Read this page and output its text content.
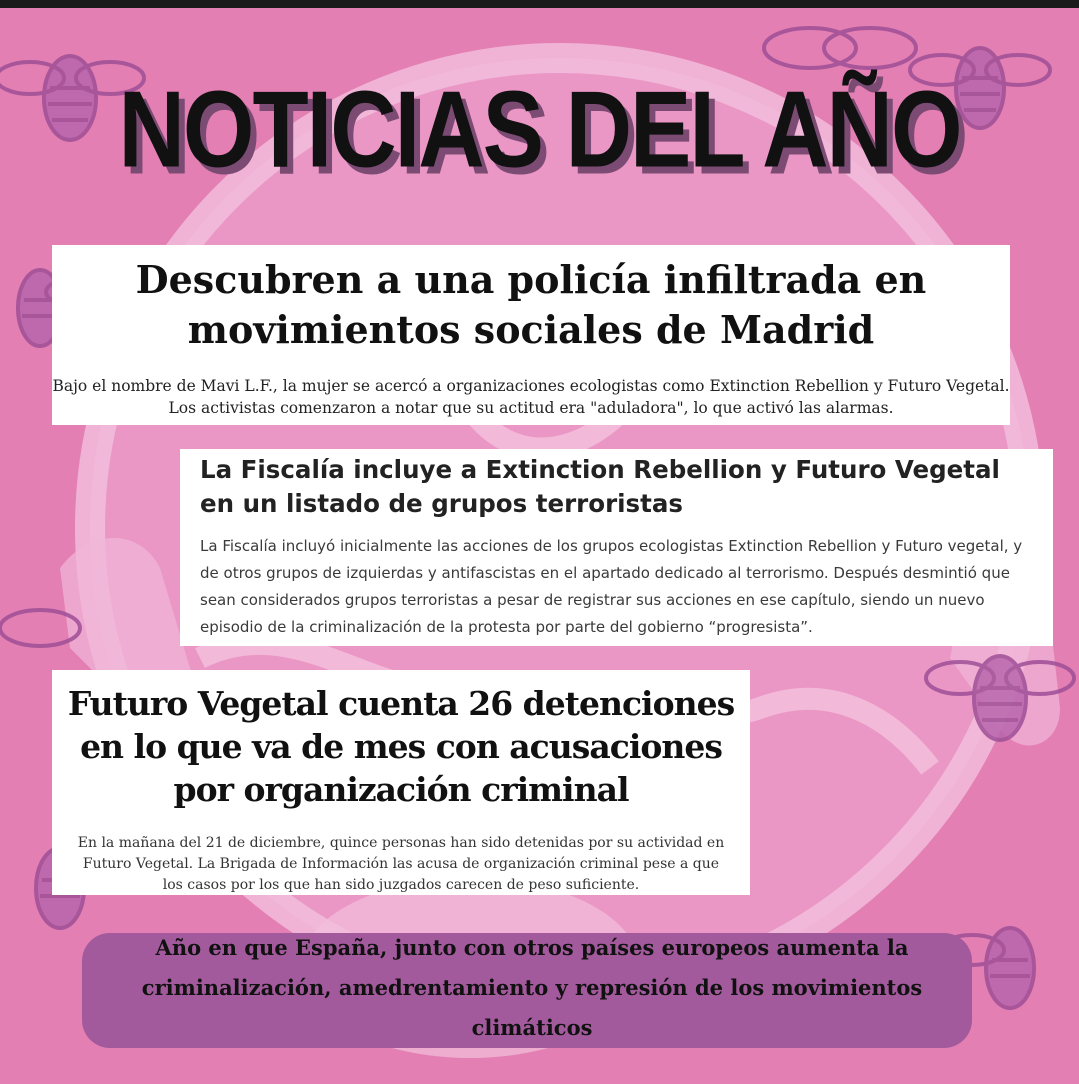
NOTICIAS DEL AÑO
Descubren a una policía infiltrada en movimientos sociales de Madrid
Bajo el nombre de Mavi L.F., la mujer se acercó a organizaciones ecologistas como Extinction Rebellion y Futuro Vegetal. Los activistas comenzaron a notar que su actitud era "aduladora", lo que activó las alarmas.
La Fiscalía incluye a Extinction Rebellion y Futuro Vegetal en un listado de grupos terroristas
La Fiscalía incluyó inicialmente las acciones de los grupos ecologistas Extinction Rebellion y Futuro vegetal, y de otros grupos de izquierdas y antifascistas en el apartado dedicado al terrorismo. Después desmintió que sean considerados grupos terroristas a pesar de registrar sus acciones en ese capítulo, siendo un nuevo episodio de la criminalización de la protesta por parte del gobierno “progresista”.
Futuro Vegetal cuenta 26 detenciones en lo que va de mes con acusaciones por organización criminal
En la mañana del 21 de diciembre, quince personas han sido detenidas por su actividad en Futuro Vegetal. La Brigada de Información las acusa de organización criminal pese a que los casos por los que han sido juzgados carecen de peso suficiente.
Año en que España, junto con otros países europeos aumenta la criminalización, amedrentamiento y represión de los movimientos climáticos
